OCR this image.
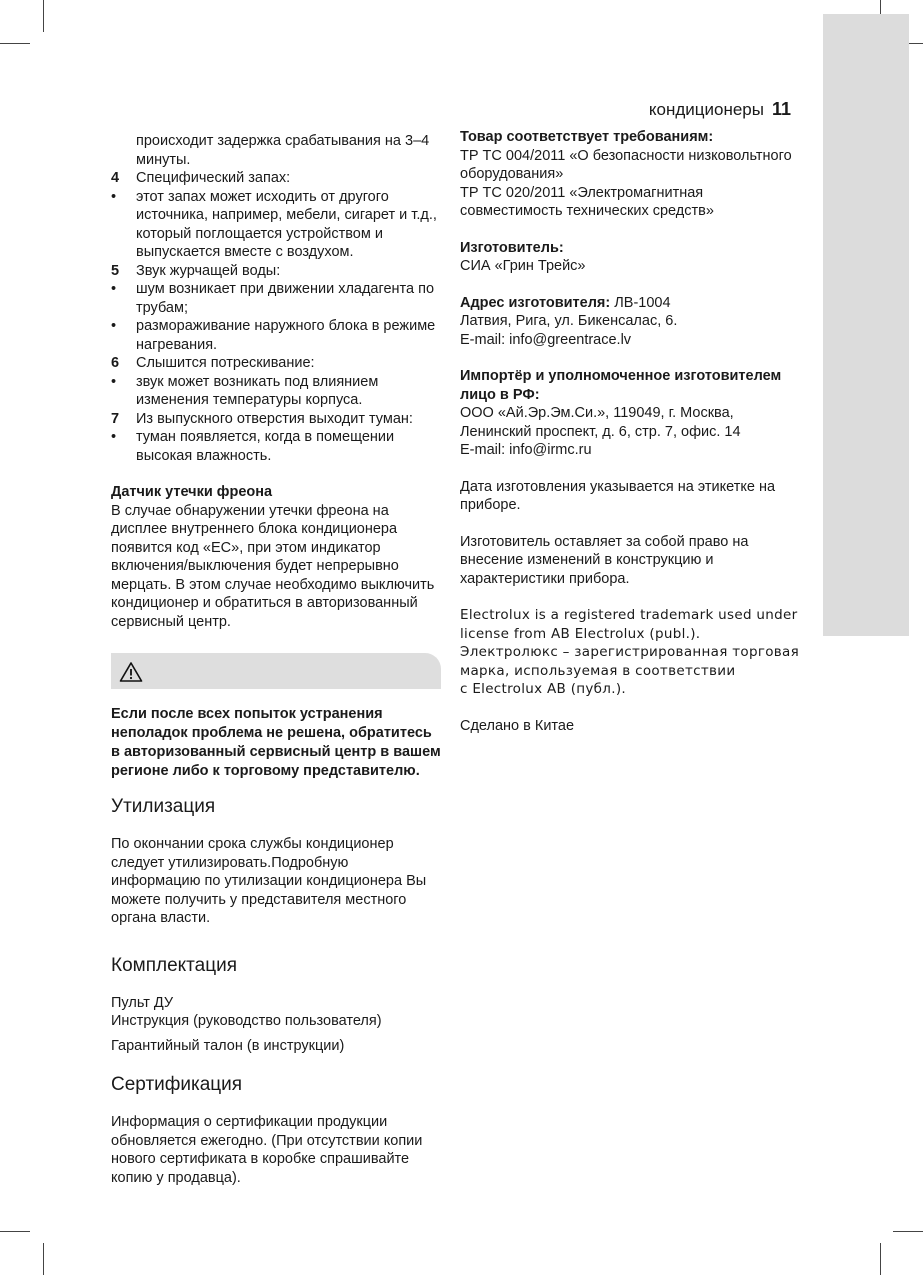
кондиционеры 11

происходит задержка срабатывания на 3–4 минуты.

4 Специфический запах:
• этот запах может исходить от другого источника, например, мебели, сигарет и т.д., который поглощается устройством и выпускается вместе с воздухом.
5 Звук журчащей воды:
• шум возникает при движении хладагента по трубам;
• размораживание наружного блока в режиме нагревания.
6 Слышится потрескивание:
• звук может возникать под влиянием изменения температуры корпуса.
7 Из выпускного отверстия выходит туман:
• туман появляется, когда в помещении высокая влажность.

Датчик утечки фреона

В случае обнаружении утечки фреона на дисплее внутреннего блока кондиционера появится код «ЕС», при этом индикатор включения/выключения будет непрерывно мерцать. В этом случае необходимо выключить кондиционер и обратиться в авторизованный сервисный центр.

Если после всех попыток устранения неполадок проблема не решена, обратитесь в авторизованный сервисный центр в вашем регионе либо к торговому представителю.

Утилизация

По окончании срока службы кондиционер следует утилизировать.Подробную информацию по утилизации кондиционера Вы можете получить у представителя местного органа власти.

Комплектация

Пульт ДУ

Инструкция (руководство пользователя)

Гарантийный талон (в инструкции)

Сертификация

Информация о сертификации продукции обновляется ежегодно. (При отсутствии копии нового сертификата в коробке спрашивайте копию у продавца).

Товар соответствует требованиям:

ТР ТС 004/2011 «О безопасности низковольтного оборудования»

ТР ТС 020/2011 «Электромагнитная совместимость технических средств»

Изготовитель:

СИА «Грин Трейс»

Адрес изготовителя: ЛВ-1004

Латвия, Рига, ул. Бикенсалас, 6.

E-mail: info@greentrace.lv

Импортёр и уполномоченное изготовителем лицо в РФ:

ООО «Ай.Эр.Эм.Си.», 119049, г. Москва, Ленинский проспект, д. 6, стр. 7, офис. 14

E-mail: info@irmc.ru

Дата изготовления указывается на этикетке на приборе.

Изготовитель оставляет за собой право на внесение изменений в конструкцию и характеристики прибора.

Electrolux is a registered trademark used under license from AB Electrolux (publ.).

Электролюкс – зарегистрированная торговая

марка, используемая в соответствии

с Electrolux AB (публ.).

Сделано в Китае
